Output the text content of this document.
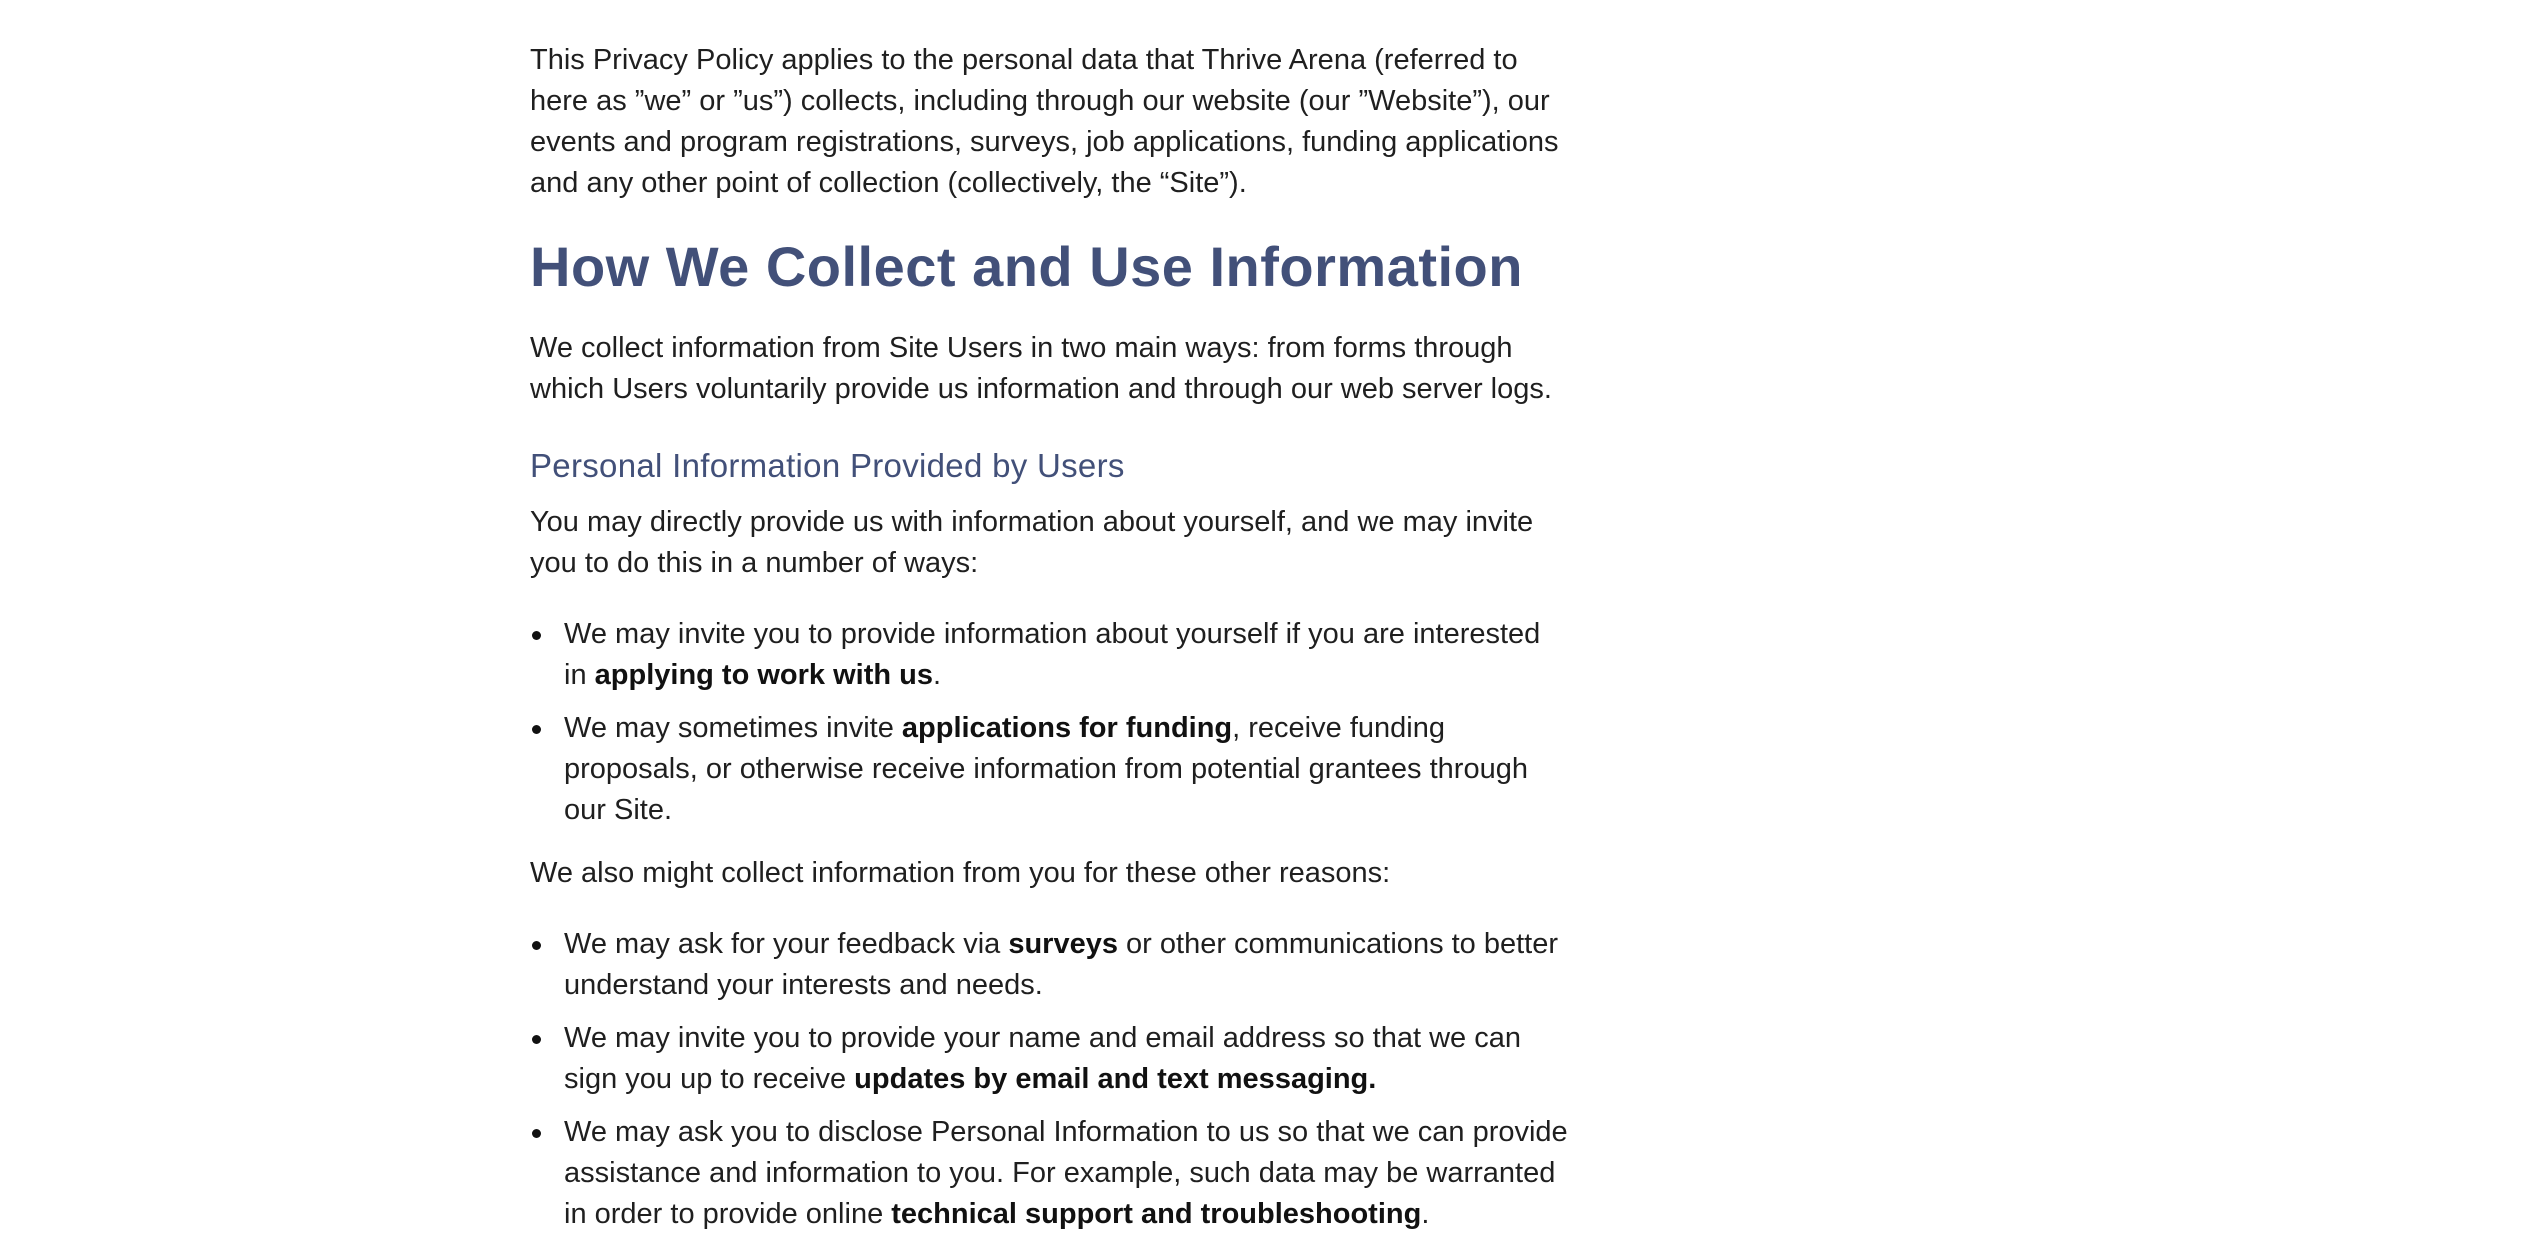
This Privacy Policy applies to the personal data that Thrive Arena (referred to here as ”we” or ”us”) collects, including through our website (our ”Website”), our events and program registrations, surveys, job applications, funding applications and any other point of collection (collectively, the “Site”).

How We Collect and Use Information

We collect information from Site Users in two main ways: from forms through which Users voluntarily provide us information and through our web server logs.

Personal Information Provided by Users

You may directly provide us with information about yourself, and we may invite you to do this in a number of ways:

We may invite you to provide information about yourself if you are interested in applying to work with us.
We may sometimes invite applications for funding, receive funding proposals, or otherwise receive information from potential grantees through our Site.

We also might collect information from you for these other reasons:

We may ask for your feedback via surveys or other communications to better understand your interests and needs.
We may invite you to provide your name and email address so that we can sign you up to receive updates by email and text messaging.
We may ask you to disclose Personal Information to us so that we can provide assistance and information to you. For example, such data may be warranted in order to provide online technical support and troubleshooting.
